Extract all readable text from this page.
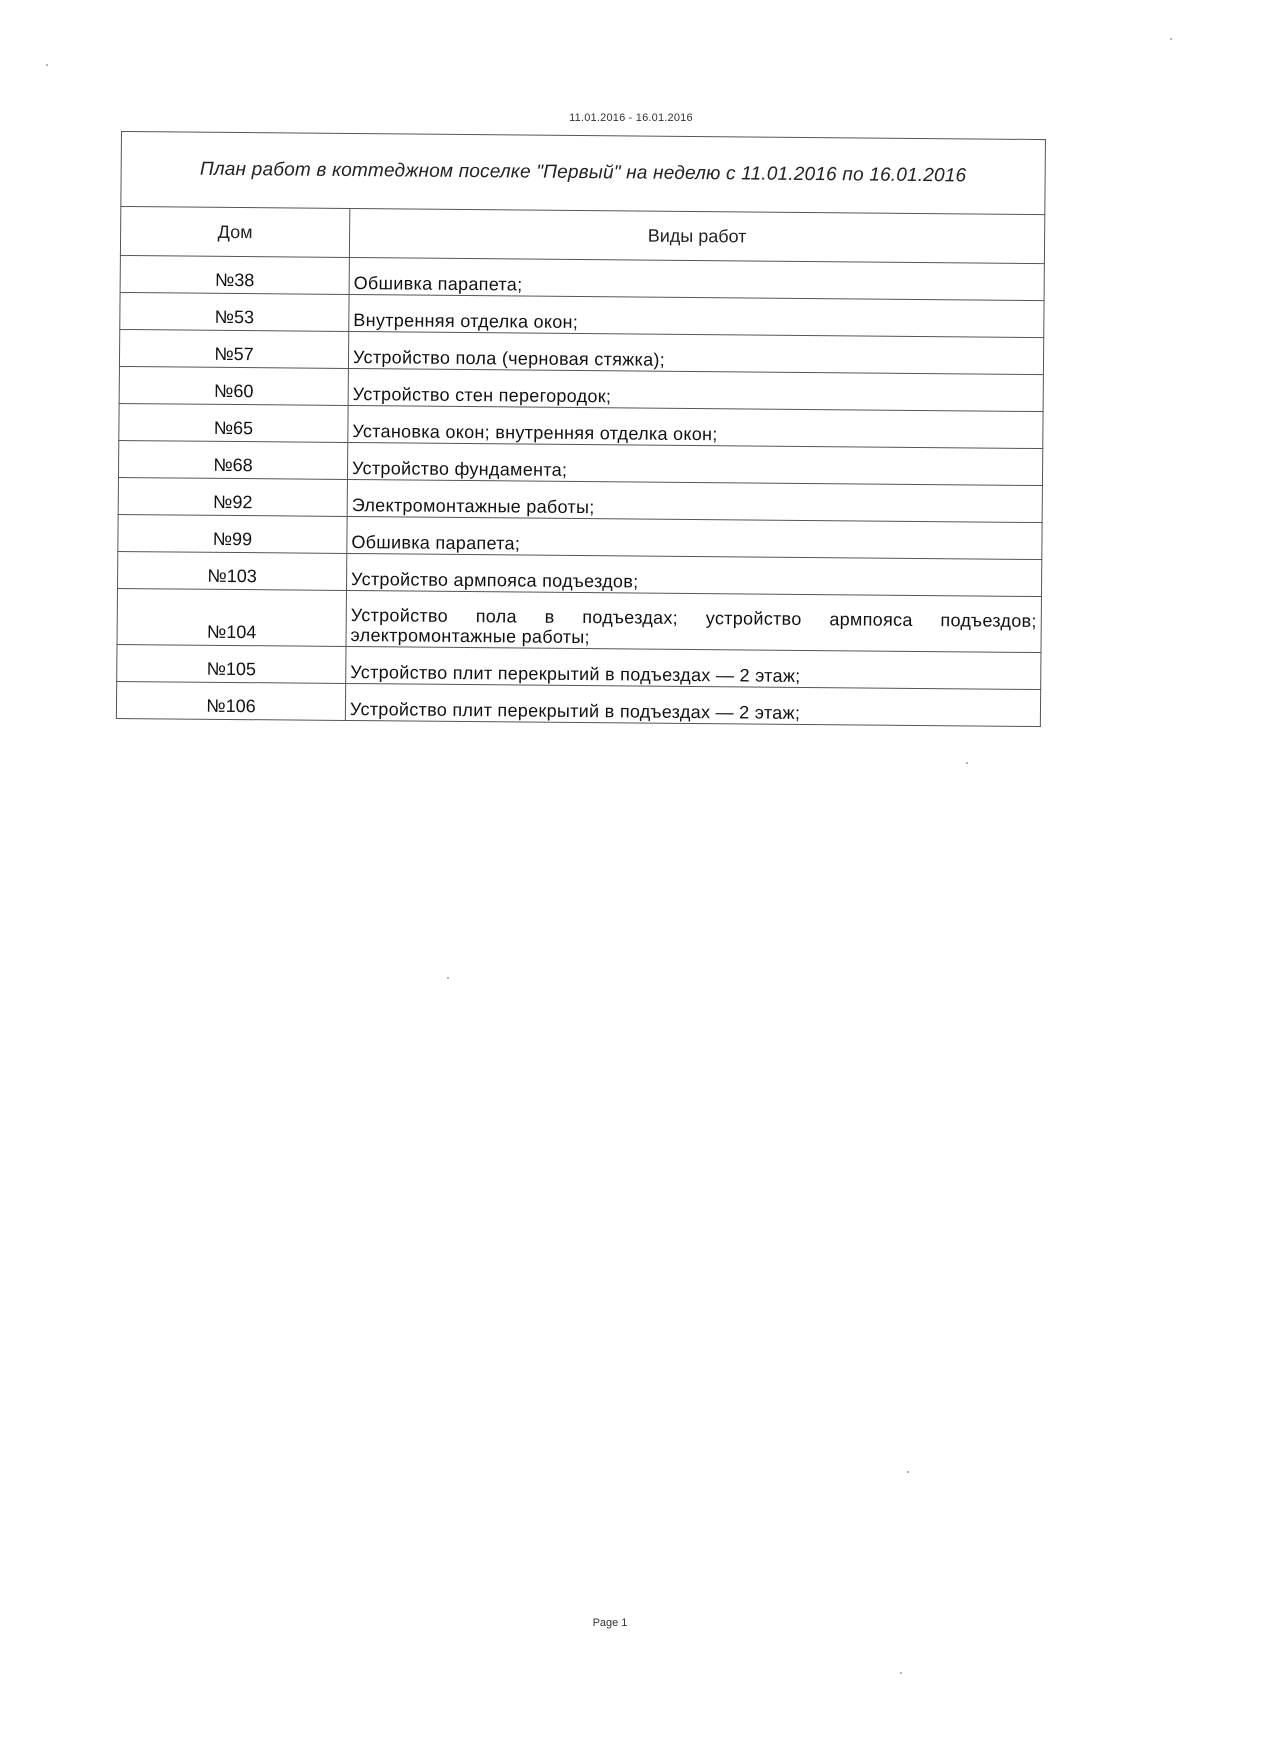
11.01.2016 - 16.01.2016
План работ в коттеджном поселке "Первый" на неделю с 11.01.2016 по 16.01.2016	
Дом	Виды работ
№38	Обшивка парапета;
№53	Внутренняя отделка окон;
№57	Устройство пола (черновая стяжка);
№60	Устройство стен перегородок;
№65	Установка окон; внутренняя отделка окон;
№68	Устройство фундамента;
№92	Электромонтажные работы;
№99	Обшивка парапета;
№103	Устройство армпояса подъездов;
№104	Устройство пола в подъездах; устройство армпояса подъездов; электромонтажные работы;
№105	Устройство плит перекрытий в подъездах — 2 этаж;
№106	Устройство плит перекрытий в подъездах — 2 этаж;
Page 1
